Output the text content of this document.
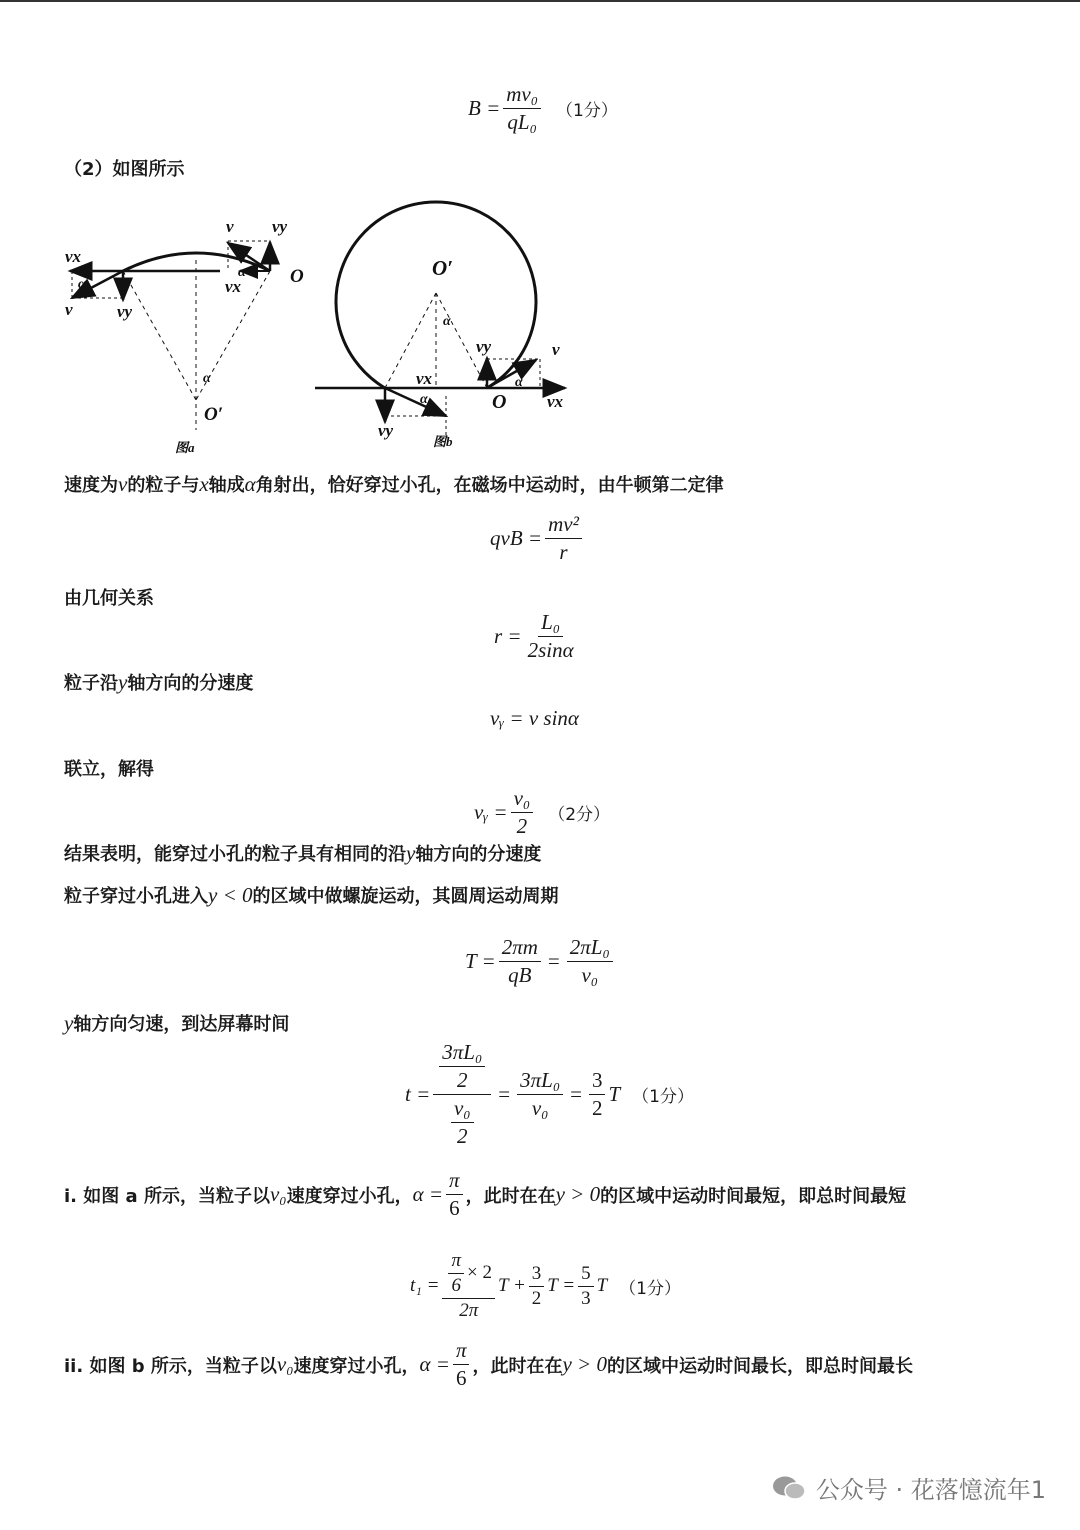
$B = \frac{\text{mv₀}}{\text{qL₀}} (1$分）
（2）如图所示
vx
α
v	vy
v vy
α
vx	O
α
O′
图a
O′
α
vy	v
α
O vx
vx
α
vy
图b
速度为v的粒子与x轴成α角射出，恰好穿过小孔，在磁场中运动时，由牛顿第二定律
qvB = $\frac{\text{mv²}}{r}$
由几何关系
$r = \frac{\text{L₀}}{2\sin\alpha}$
粒子沿y轴方向的分速度
vᵧ = v sinα
联立，解得
vᵧ = $\frac{\text{v₀}}{2} (2$分）
结果表明，能穿过小孔的粒子具有相同的沿y轴方向的分速度
粒子穿过小孔进入y < 0的区域中做螺旋运动，其圆周运动周期
$T = \frac{2\pi m}{qB} = \frac{\text{2πL₀}}{\text{v₀}}$
y轴方向匀速，到达屏幕时间
$t = \frac{\frac{\text{3πL₀}}{2}}{\frac{\text{v₀}}{2}} = \frac{\text{3πL₀}}{\text{v₀}} = \frac{3}{2}$ T （1分）
i. 如图 a 所示，当粒子以 v₀ 速度穿过小孔， $\alpha = \frac{\pi}{6}$ ，此时在在 y > 0 的区域中运动时间最短，即总时间最短
$t_1 = \frac{\frac{\pi}{6} \times 2}{2\pi}$ $T + \frac{3}{2}$ $T = \frac{5}{3}$ T （1分）
ii. 如图 b 所示，当粒子以 v₀ 速度穿过小孔， $\alpha = \frac{\pi}{6}$ ，此时在在 y > 0 的区域中运动时间最长，即总时间最长
公众号 · 花落憶流年1
